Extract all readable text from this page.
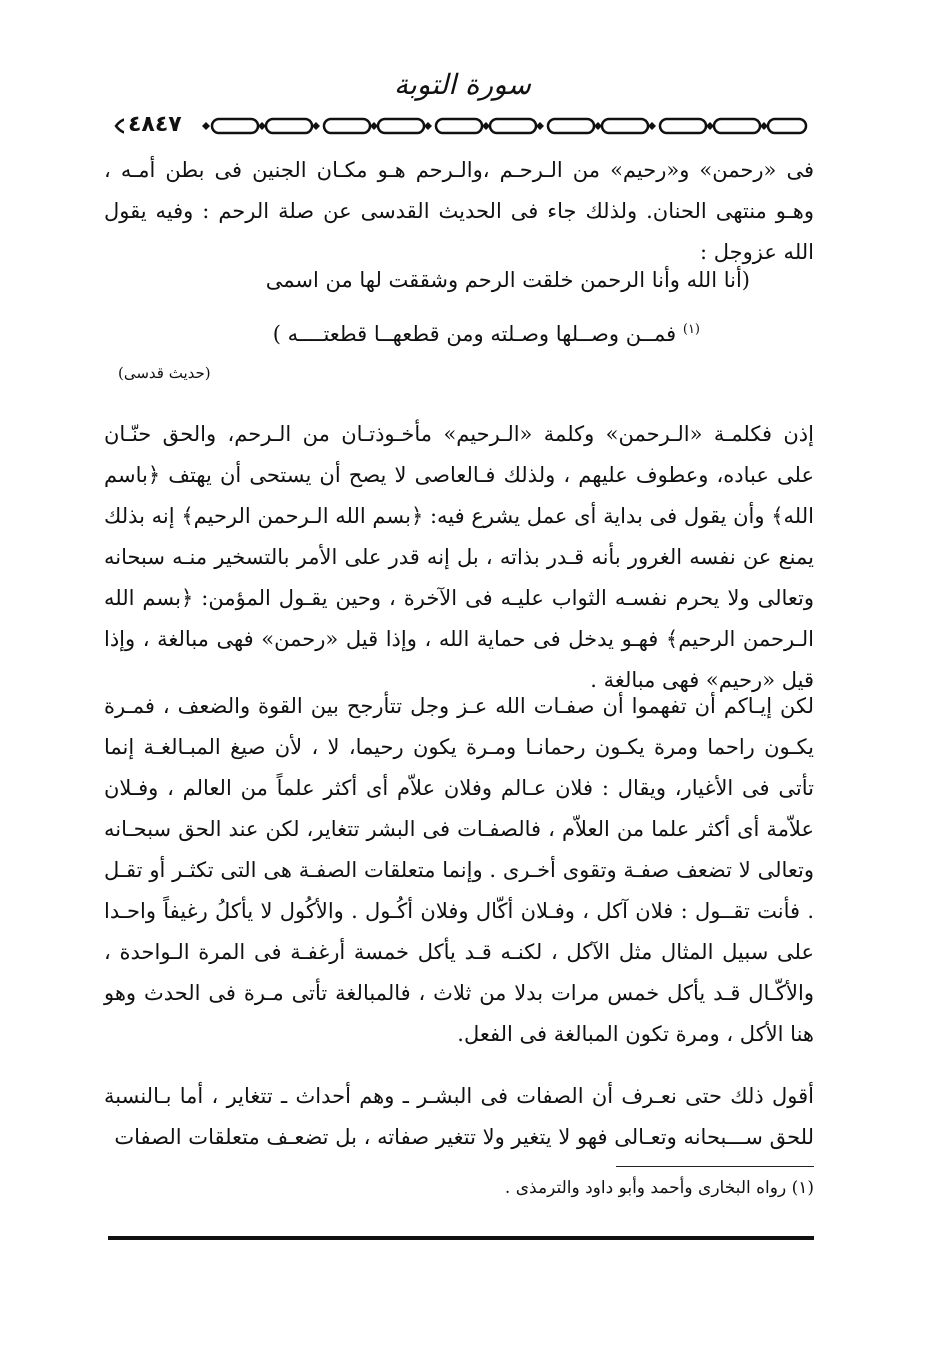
سورة التوبة
٤٨٤٧
فى «رحمن» و«رحيم» من الـرحـم ،والـرحم هـو مكـان الجنين فى بطن أمـه ، وهـو منتهى الحنان. ولذلك جاء فى الحديث القدسى عن صلة الرحم : وفيه يقول الله عزوجل :
(أنا الله وأنا الرحمن خلقت الرحم وشققت لها من اسمى
$^{(١)}$ فمــن وصــلها وصـلته ومن قطعهــا قطعتــــه )
(حديث قدسى)
إذن فكلمـة «الـرحمن» وكلمة «الـرحيم» مأخـوذتـان من الـرحم، والحق حنّـان على عباده، وعطوف عليهم ، ولذلك فـالعاصى لا يصح أن يستحى أن يهتف ﴿باسم الله﴾ وأن يقول فى بداية أى عمل يشرع فيه: ﴿بسم الله الـرحمن الرحيم﴾ إنه بذلك يمنع عن نفسه الغرور بأنه قـدر بذاته ، بل إنه قدر على الأمر بالتسخير منـه سبحانه وتعالى ولا يحرم نفسـه الثواب عليـه فى الآخرة ، وحين يقـول المؤمن: ﴿بسم الله الـرحمن الرحيم﴾ فهـو يدخل فى حماية الله ، وإذا قيل «رحمن» فهى مبالغة ، وإذا قيل «رحيم» فهى مبالغة .
لكن إيـاكم أن تفهموا أن صفـات الله عـز وجل تتأرجح بين القوة والضعف ، فمـرة يكـون راحما ومرة يكـون رحمانـا ومـرة يكون رحيما، لا ، لأن صيغ المبـالغـة إنما تأتى فى الأغيار، ويقال : فلان عـالم وفلان علاّم أى أكثر علماً من العالم ، وفـلان علاّمة أى أكثر علما من العلاّم ، فالصفـات فى البشر تتغاير، لكن عند الحق سبحـانه وتعالى لا تضعف صفـة وتقوى أخـرى . وإنما متعلقات الصفـة هى التى تكثـر أو تقـل . فأنت تقــول : فلان آكل ، وفـلان أكّال وفلان أكُـول . والأكُول لا يأكلُ رغيفاً واحـدا على سبيل المثال مثل الآكل ، لكنـه قـد يأكل خمسة أرغفـة فى المرة الـواحدة ، والأكّـال قـد يأكل خمس مرات بدلا من ثلاث ، فالمبالغة تأتى مـرة فى الحدث وهو هنا الأكل ، ومرة تكون المبالغة فى الفعل.
أقول ذلك حتى نعـرف أن الصفات فى البشـر ـ وهم أحداث ـ تتغاير ، أما بـالنسبة للحق ســـبحانه وتعـالى فهو لا يتغير ولا تتغير صفاته ، بل تضعـف متعلقات الصفات
(١) رواه البخارى وأحمد وأبو داود والترمذى .
